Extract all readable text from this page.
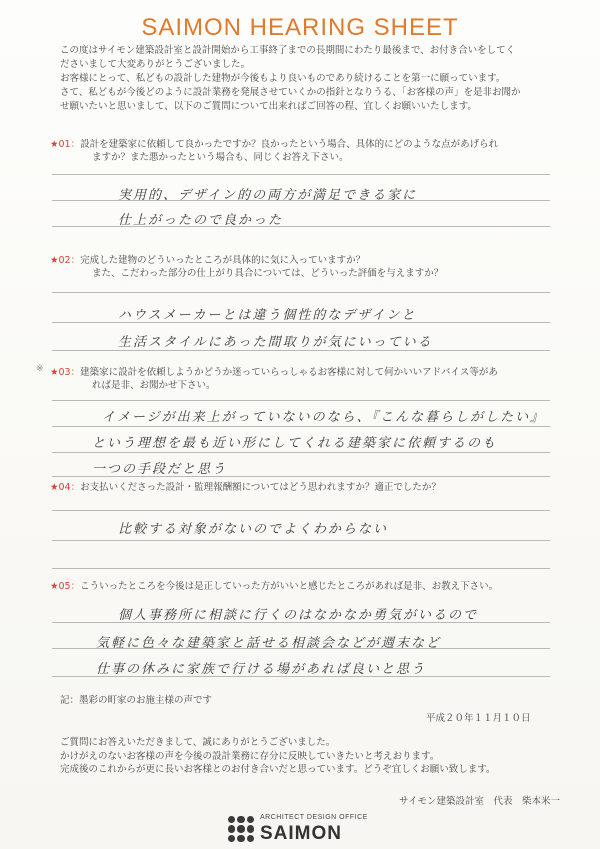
SAIMON HEARING SHEET

この度はサイモン建築設計室と設計開始から工事終了までの長期間にわたり最後まで、お付き合いをしてく

ださいまして大変ありがとうございました。

お客様にとって、私どもの設計した建物が今後もより良いものであり続けることを第一に願っています。

さて、私どもが今後どのように設計業務を発展させていくかの指針となりうる、「お客様の声」を是非お聞か

せ願いたいと思いまして、以下のご質問について出来ればご回答の程、宜しくお願いいたします。

★01：設計を建築家に依頼して良かったですか？良かったという場合、具体的にどのような点があげられ
ますか？また悪かったという場合も、同じくお答え下さい。
実用的、デザイン的の両方が満足できる家に
仕上がったので良かった
★02：完成した建物のどういったところが具体的に気に入っていますか？
また、こだわった部分の仕上がり具合については、どういった評価を与えますか？
ハウスメーカーとは違う個性的なデザインと
生活スタイルにあった間取りが気にいっている
※ ★03：建築家に設計を依頼しようかどうか迷っていらっしゃるお客様に対して何かいいアドバイス等があ
れば是非、お聞かせ下さい。
イメージが出来上がっていないのなら、『こんな暮らしがしたい』
という理想を最も近い形にしてくれる建築家に依頼するのも
一つの手段だと思う
★04：お支払いくださった設計・監理報酬額についてはどう思われますか？適正でしたか？
比較する対象がないのでよくわからない
★05：こういったところを今後は是正していった方がいいと感じたところがあれば是非、お教え下さい。
個人事務所に相談に行くのはなかなか勇気がいるので
気軽に色々な建築家と話せる相談会などが週末など
仕事の休みに家族で行ける場があれば良いと思う
記：墨彩の町家のお施主様の声です
平成２０年１１月１０日

ご質問にお答えいただきまして、誠にありがとうございました。

かけがえのないお客様の声を今後の設計業務に存分に反映していきたいと考えおります。

完成後のこれからが更に長いお客様とのお付き合いだと思っています。どうぞ宜しくお願い致します。

サイモン建築設計室　代表　柴本米一
ARCHITECT DESIGN OFFICE
SAIMON
